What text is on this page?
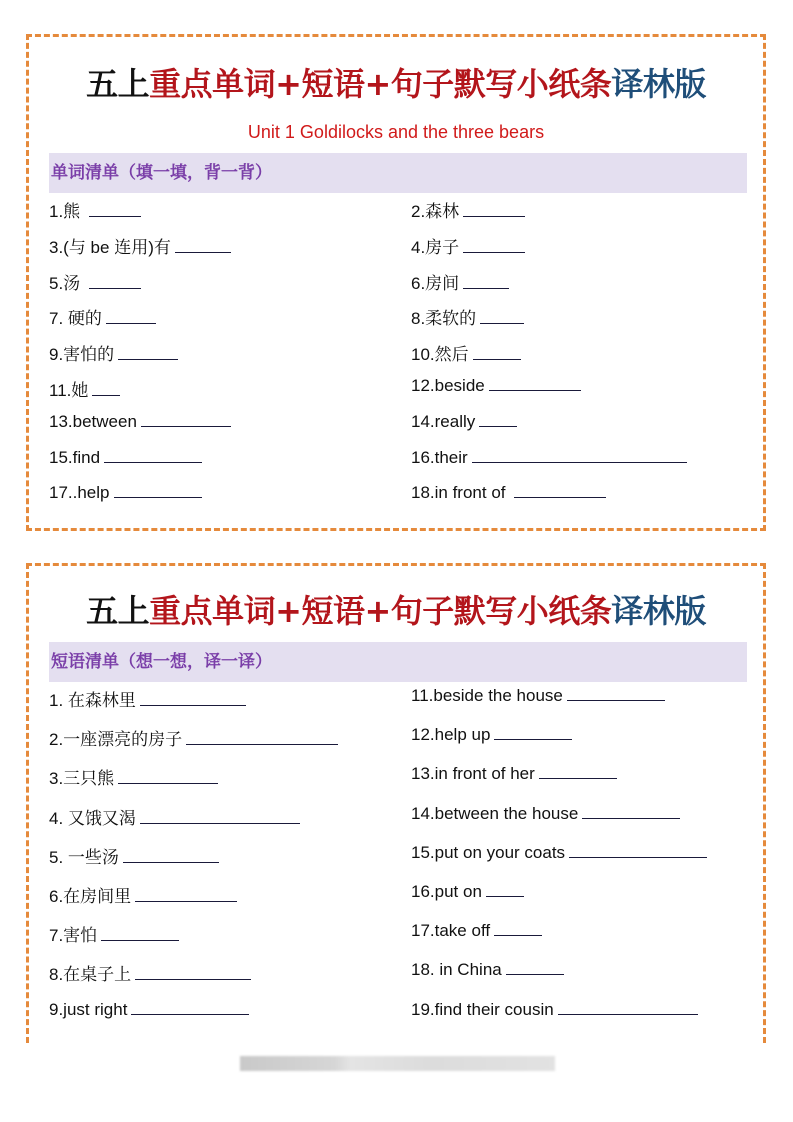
五上重点单词+短语+句子默写小纸条译林版
Unit 1 Goldilocks and the three bears
单词清单（填一填，背一背）
1.熊	2.森林
3.(与 be 连用)有	4.房子
5.汤	6.房间
7. 硬的	8.柔软的
9.害怕的	10.然后
11.她	12.beside
13.between	14.really
15.find	16.their
17..help	18.in front of
五上重点单词+短语+句子默写小纸条译林版
短语清单（想一想，译一译）
1. 在森林里	11.beside the house
2.一座漂亮的房子	12.help up
3.三只熊	13.in front of her
4. 又饿又渴	14.between the house
5. 一些汤	15.put on your coats
6.在房间里	16.put on
7.害怕	17.take off
8.在桌子上	18. in China
9.just right	19.find their cousin
